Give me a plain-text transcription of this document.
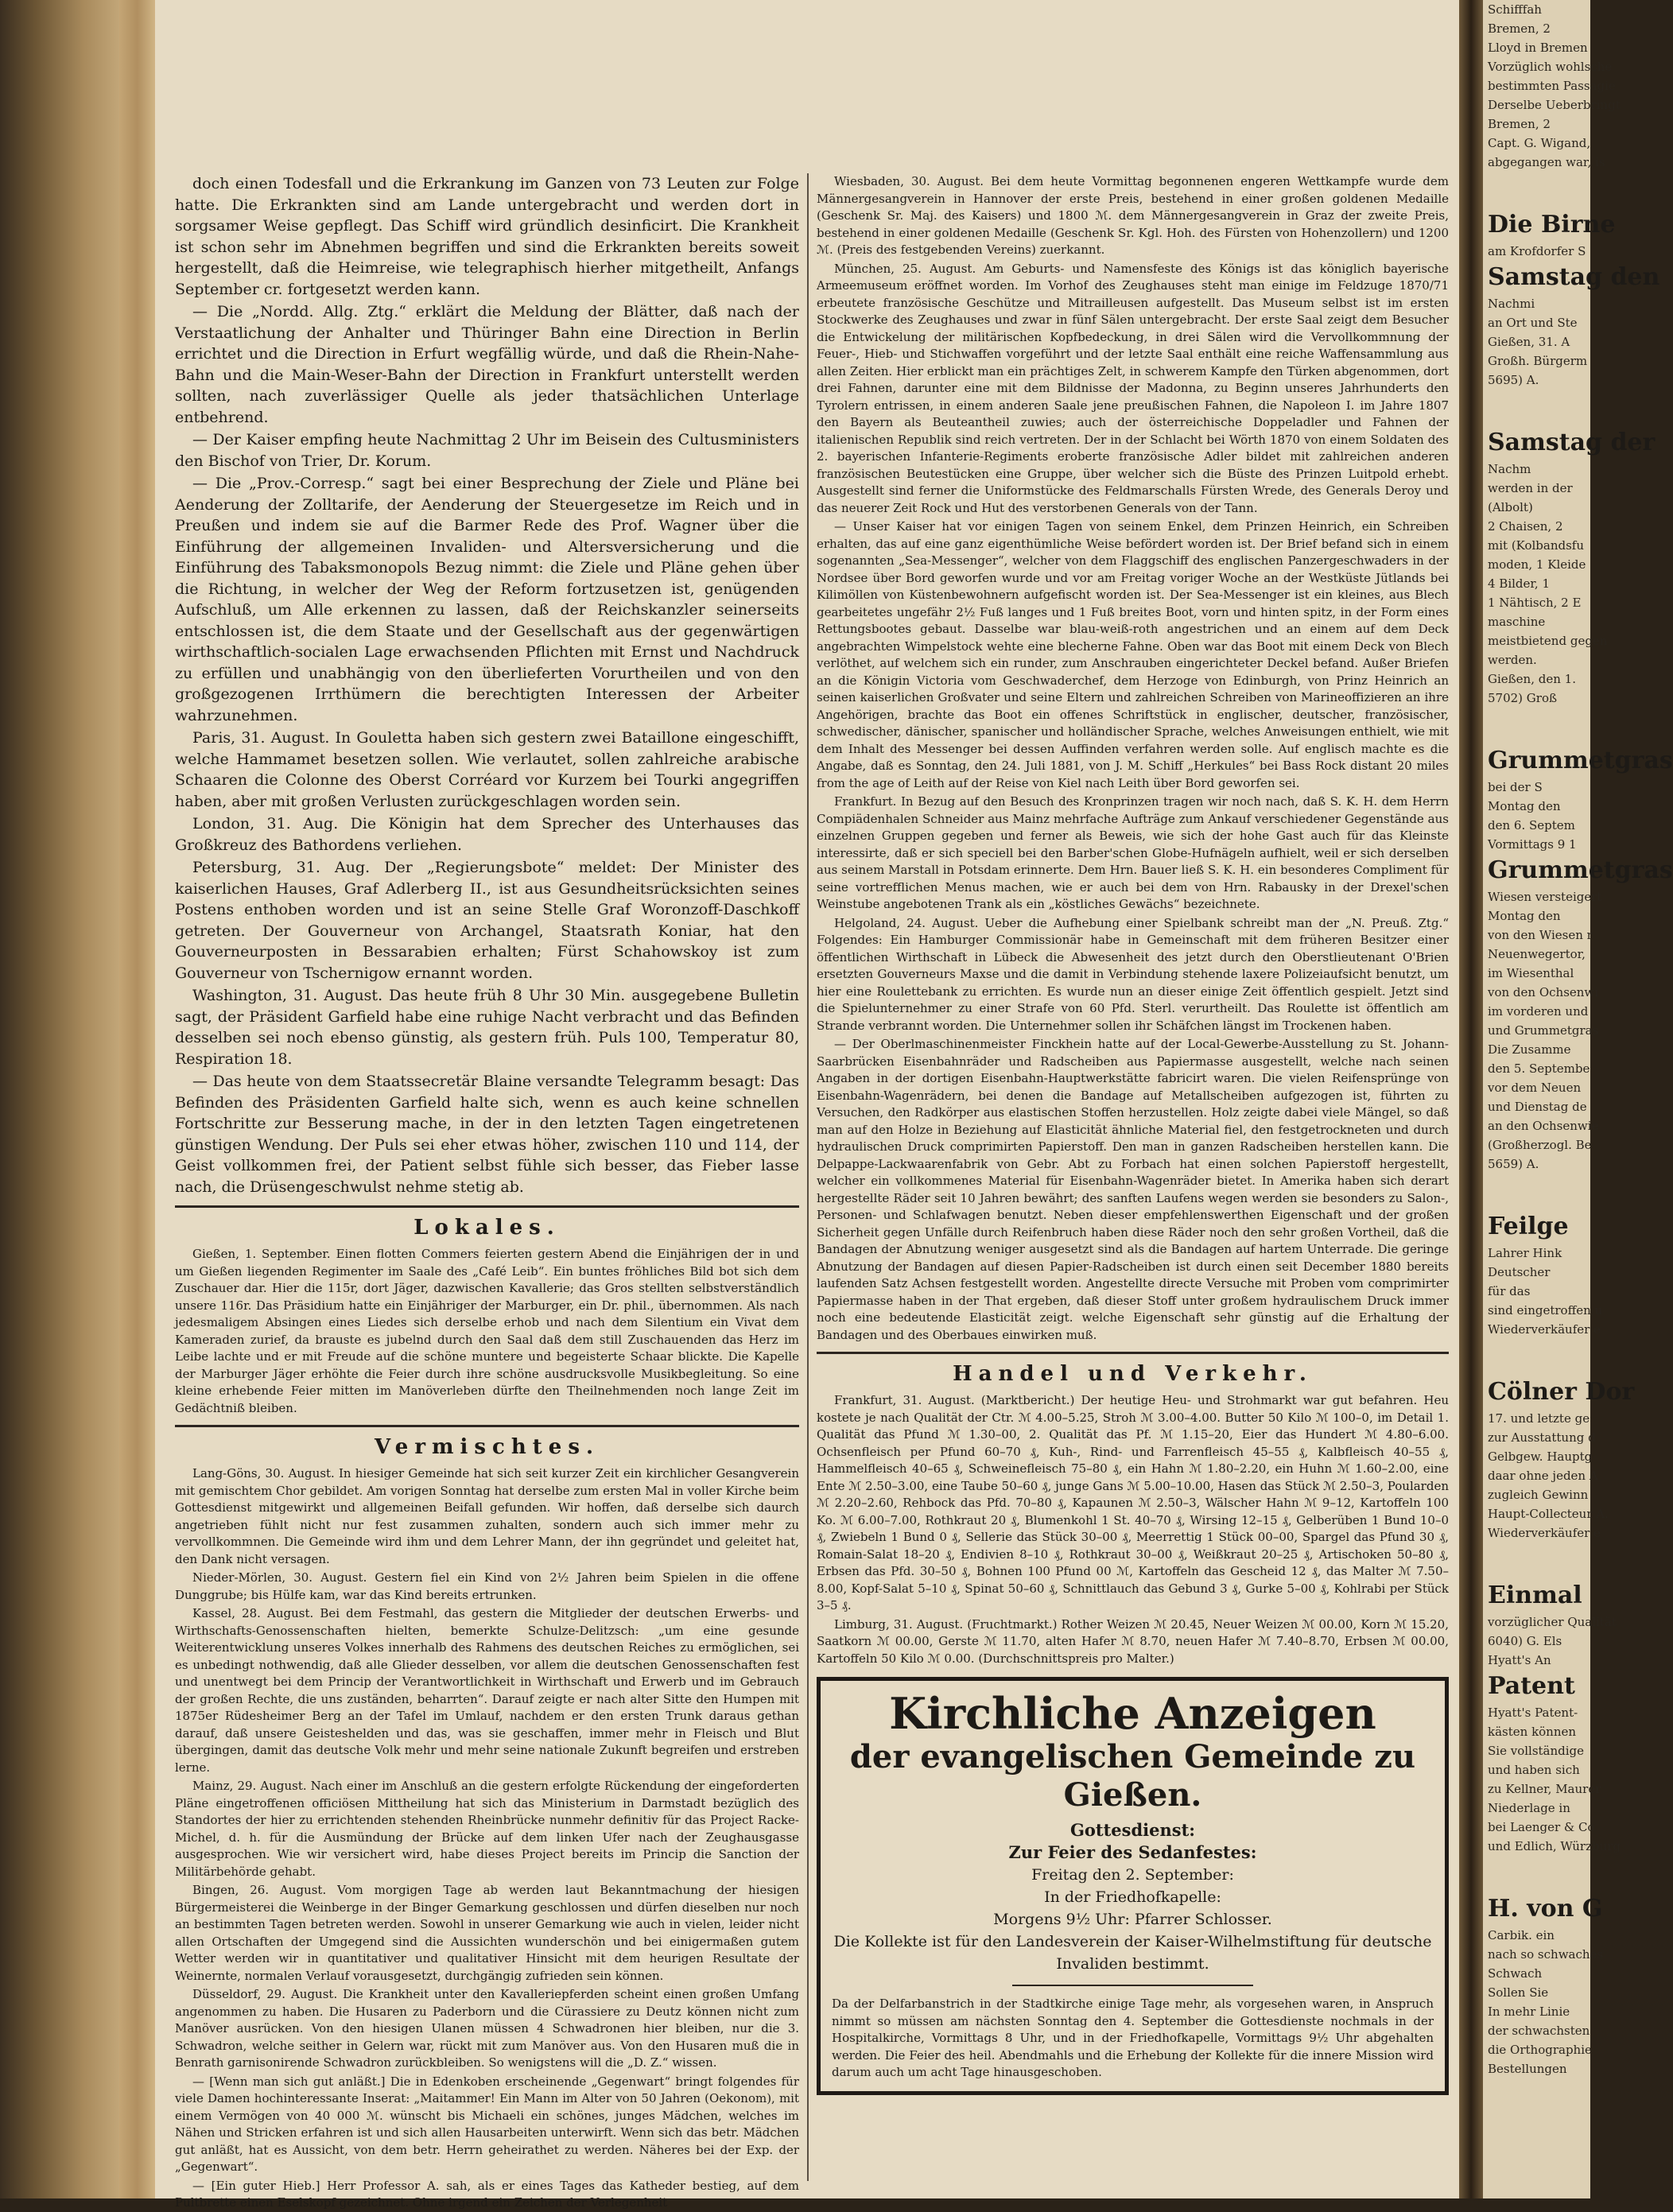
doch einen Todesfall und die Erkrankung im Ganzen von 73 Leuten zur Folge hatte. Die Erkrankten sind am Lande untergebracht und werden dort in sorgsamer Weise gepflegt. Das Schiff wird gründlich desinficirt. Die Krankheit ist schon sehr im Abnehmen begriffen und sind die Erkrankten bereits soweit hergestellt, daß die Heimreise, wie telegraphisch hierher mitgetheilt, Anfangs September cr. fortgesetzt werden kann.

— Die „Nordd. Allg. Ztg.“ erklärt die Meldung der Blätter, daß nach der Verstaatlichung der Anhalter und Thüringer Bahn eine Direction in Berlin errichtet und die Direction in Erfurt wegfällig würde, und daß die Rhein-Nahe-Bahn und die Main-Weser-Bahn der Direction in Frankfurt unterstellt werden sollten, nach zuverlässiger Quelle als jeder thatsächlichen Unterlage entbehrend.

— Der Kaiser empfing heute Nachmittag 2 Uhr im Beisein des Cultusministers den Bischof von Trier, Dr. Korum.

— Die „Prov.-Corresp.“ sagt bei einer Besprechung der Ziele und Pläne bei Aenderung der Zolltarife, der Aenderung der Steuergesetze im Reich und in Preußen und indem sie auf die Barmer Rede des Prof. Wagner über die Einführung der allgemeinen Invaliden- und Altersversicherung und die Einführung des Tabaksmonopols Bezug nimmt: die Ziele und Pläne gehen über die Richtung, in welcher der Weg der Reform fortzusetzen ist, genügenden Aufschluß, um Alle erkennen zu lassen, daß der Reichskanzler seinerseits entschlossen ist, die dem Staate und der Gesellschaft aus der gegenwärtigen wirthschaftlich-socialen Lage erwachsenden Pflichten mit Ernst und Nachdruck zu erfüllen und unabhängig von den überlieferten Vorurtheilen und von den großgezogenen Irrthümern die berechtigten Interessen der Arbeiter wahrzunehmen.

Paris, 31. August. In Gouletta haben sich gestern zwei Bataillone eingeschifft, welche Hammamet besetzen sollen. Wie verlautet, sollen zahlreiche arabische Schaaren die Colonne des Oberst Corréard vor Kurzem bei Tourki angegriffen haben, aber mit großen Verlusten zurückgeschlagen worden sein.

London, 31. Aug. Die Königin hat dem Sprecher des Unterhauses das Großkreuz des Bathordens verliehen.

Petersburg, 31. Aug. Der „Regierungsbote“ meldet: Der Minister des kaiserlichen Hauses, Graf Adlerberg II., ist aus Gesundheitsrücksichten seines Postens enthoben worden und ist an seine Stelle Graf Woronzoff-Daschkoff getreten. Der Gouverneur von Archangel, Staatsrath Koniar, hat den Gouverneurposten in Bessarabien erhalten; Fürst Schahowskoy ist zum Gouverneur von Tschernigow ernannt worden.

Washington, 31. August. Das heute früh 8 Uhr 30 Min. ausgegebene Bulletin sagt, der Präsident Garfield habe eine ruhige Nacht verbracht und das Befinden desselben sei noch ebenso günstig, als gestern früh. Puls 100, Temperatur 80, Respiration 18.

— Das heute von dem Staatssecretär Blaine versandte Telegramm besagt: Das Befinden des Präsidenten Garfield halte sich, wenn es auch keine schnellen Fortschritte zur Besserung mache, in der in den letzten Tagen eingetretenen günstigen Wendung. Der Puls sei eher etwas höher, zwischen 110 und 114, der Geist vollkommen frei, der Patient selbst fühle sich besser, das Fieber lasse nach, die Drüsengeschwulst nehme stetig ab.

Lokales.

Gießen, 1. September. Einen flotten Commers feierten gestern Abend die Einjährigen der in und um Gießen liegenden Regimenter im Saale des „Café Leib“. Ein buntes fröhliches Bild bot sich dem Zuschauer dar. Hier die 115r, dort Jäger, dazwischen Kavallerie; das Gros stellten selbstverständlich unsere 116r. Das Präsidium hatte ein Einjähriger der Marburger, ein Dr. phil., übernommen. Als nach jedesmaligem Absingen eines Liedes sich derselbe erhob und nach dem Silentium ein Vivat dem Kameraden zurief, da brauste es jubelnd durch den Saal daß dem still Zuschauenden das Herz im Leibe lachte und er mit Freude auf die schöne muntere und begeisterte Schaar blickte. Die Kapelle der Marburger Jäger erhöhte die Feier durch ihre schöne ausdrucksvolle Musikbegleitung. So eine kleine erhebende Feier mitten im Manöverleben dürfte den Theilnehmenden noch lange Zeit im Gedächtniß bleiben.

Vermischtes.

Lang-Göns, 30. August. In hiesiger Gemeinde hat sich seit kurzer Zeit ein kirchlicher Gesangverein mit gemischtem Chor gebildet. Am vorigen Sonntag hat derselbe zum ersten Mal in voller Kirche beim Gottesdienst mitgewirkt und allgemeinen Beifall gefunden. Wir hoffen, daß derselbe sich daurch angetrieben fühlt nicht nur fest zusammen zuhalten, sondern auch sich immer mehr zu vervollkommnen. Die Gemeinde wird ihm und dem Lehrer Mann, der ihn gegründet und geleitet hat, den Dank nicht versagen.

Nieder-Mörlen, 30. August. Gestern fiel ein Kind von 2½ Jahren beim Spielen in die offene Dunggrube; bis Hülfe kam, war das Kind bereits ertrunken.

Kassel, 28. August. Bei dem Festmahl, das gestern die Mitglieder der deutschen Erwerbs- und Wirthschafts-Genossenschaften hielten, bemerkte Schulze-Delitzsch: „um eine gesunde Weiterentwicklung unseres Volkes innerhalb des Rahmens des deutschen Reiches zu ermöglichen, sei es unbedingt nothwendig, daß alle Glieder desselben, vor allem die deutschen Genossenschaften fest und unentwegt bei dem Princip der Verantwortlichkeit in Wirthschaft und Erwerb und im Gebrauch der großen Rechte, die uns zuständen, beharrten“. Darauf zeigte er nach alter Sitte den Humpen mit 1875er Rüdesheimer Berg an der Tafel im Umlauf, nachdem er den ersten Trunk daraus gethan darauf, daß unsere Geisteshelden und das, was sie geschaffen, immer mehr in Fleisch und Blut übergingen, damit das deutsche Volk mehr und mehr seine nationale Zukunft begreifen und erstreben lerne.

Mainz, 29. August. Nach einer im Anschluß an die gestern erfolgte Rückendung der eingeforderten Pläne eingetroffenen officiösen Mittheilung hat sich das Ministerium in Darmstadt bezüglich des Standortes der hier zu errichtenden stehenden Rheinbrücke nunmehr definitiv für das Project Racke-Michel, d. h. für die Ausmündung der Brücke auf dem linken Ufer nach der Zeughausgasse ausgesprochen. Wie wir versichert wird, habe dieses Project bereits im Princip die Sanction der Militärbehörde gehabt.

Bingen, 26. August. Vom morgigen Tage ab werden laut Bekanntmachung der hiesigen Bürgermeisterei die Weinberge in der Binger Gemarkung geschlossen und dürfen dieselben nur noch an bestimmten Tagen betreten werden. Sowohl in unserer Gemarkung wie auch in vielen, leider nicht allen Ortschaften der Umgegend sind die Aussichten wunderschön und bei einigermaßen gutem Wetter werden wir in quantitativer und qualitativer Hinsicht mit dem heurigen Resultate der Weinernte, normalen Verlauf vorausgesetzt, durchgängig zufrieden sein können.

Düsseldorf, 29. August. Die Krankheit unter den Kavalleriepferden scheint einen großen Umfang angenommen zu haben. Die Husaren zu Paderborn und die Cürassiere zu Deutz können nicht zum Manöver ausrücken. Von den hiesigen Ulanen müssen 4 Schwadronen hier bleiben, nur die 3. Schwadron, welche seither in Gelern war, rückt mit zum Manöver aus. Von den Husaren muß die in Benrath garnisonirende Schwadron zurückbleiben. So wenigstens will die „D. Z.“ wissen.

— [Wenn man sich gut anläßt.] Die in Edenkoben erscheinende „Gegenwart“ bringt folgendes für viele Damen hochinteressante Inserat: „Maitammer! Ein Mann im Alter von 50 Jahren (Oekonom), mit einem Vermögen von 40 000 ℳ. wünscht bis Michaeli ein schönes, junges Mädchen, welches im Nähen und Stricken erfahren ist und sich allen Hausarbeiten unterwirft. Wenn sich das betr. Mädchen gut anläßt, hat es Aussicht, von dem betr. Herrn geheirathet zu werden. Näheres bei der Exp. der „Gegenwart“.

— [Ein guter Hieb.] Herr Professor A. sah, als er eines Tages das Katheder bestieg, auf dem Pultbrette einen Eselskopf gezeichnet. Ohne irgend ein Zeichen der Verlegenheit

Wiesbaden, 30. August. Bei dem heute Vormittag begonnenen engeren Wettkampfe wurde dem Männergesangverein in Hannover der erste Preis, bestehend in einer großen goldenen Medaille (Geschenk Sr. Maj. des Kaisers) und 1800 ℳ. dem Männergesangverein in Graz der zweite Preis, bestehend in einer goldenen Medaille (Geschenk Sr. Kgl. Hoh. des Fürsten von Hohenzollern) und 1200 ℳ. (Preis des festgebenden Vereins) zuerkannt.

München, 25. August. Am Geburts- und Namensfeste des Königs ist das königlich bayerische Armeemuseum eröffnet worden. Im Vorhof des Zeughauses steht man einige im Feldzuge 1870/71 erbeutete französische Geschütze und Mitrailleusen aufgestellt. Das Museum selbst ist im ersten Stockwerke des Zeughauses und zwar in fünf Sälen untergebracht. Der erste Saal zeigt dem Besucher die Entwickelung der militärischen Kopfbedeckung, in drei Sälen wird die Vervollkommnung der Feuer-, Hieb- und Stichwaffen vorgeführt und der letzte Saal enthält eine reiche Waffensammlung aus allen Zeiten. Hier erblickt man ein prächtiges Zelt, in schwerem Kampfe den Türken abgenommen, dort drei Fahnen, darunter eine mit dem Bildnisse der Madonna, zu Beginn unseres Jahrhunderts den Tyrolern entrissen, in einem anderen Saale jene preußischen Fahnen, die Napoleon I. im Jahre 1807 den Bayern als Beuteantheil zuwies; auch der österreichische Doppeladler und Fahnen der italienischen Republik sind reich vertreten. Der in der Schlacht bei Wörth 1870 von einem Soldaten des 2. bayerischen Infanterie-Regiments eroberte französische Adler bildet mit zahlreichen anderen französischen Beutestücken eine Gruppe, über welcher sich die Büste des Prinzen Luitpold erhebt. Ausgestellt sind ferner die Uniformstücke des Feldmarschalls Fürsten Wrede, des Generals Deroy und das neuerer Zeit Rock und Hut des verstorbenen Generals von der Tann.

— Unser Kaiser hat vor einigen Tagen von seinem Enkel, dem Prinzen Heinrich, ein Schreiben erhalten, das auf eine ganz eigenthümliche Weise befördert worden ist. Der Brief befand sich in einem sogenannten „Sea-Messenger“, welcher von dem Flaggschiff des englischen Panzergeschwaders in der Nordsee über Bord geworfen wurde und vor am Freitag voriger Woche an der Westküste Jütlands bei Kilimöllen von Küstenbewohnern aufgefischt worden ist. Der Sea-Messenger ist ein kleines, aus Blech gearbeitetes ungefähr 2½ Fuß langes und 1 Fuß breites Boot, vorn und hinten spitz, in der Form eines Rettungsbootes gebaut. Dasselbe war blau-weiß-roth angestrichen und an einem auf dem Deck angebrachten Wimpelstock wehte eine blecherne Fahne. Oben war das Boot mit einem Deck von Blech verlöthet, auf welchem sich ein runder, zum Anschrauben eingerichteter Deckel befand. Außer Briefen an die Königin Victoria vom Geschwaderchef, dem Herzoge von Edinburgh, von Prinz Heinrich an seinen kaiserlichen Großvater und seine Eltern und zahlreichen Schreiben von Marineoffizieren an ihre Angehörigen, brachte das Boot ein offenes Schriftstück in englischer, deutscher, französischer, schwedischer, dänischer, spanischer und holländischer Sprache, welches Anweisungen enthielt, wie mit dem Inhalt des Messenger bei dessen Auffinden verfahren werden solle. Auf englisch machte es die Angabe, daß es Sonntag, den 24. Juli 1881, von J. M. Schiff „Herkules“ bei Bass Rock distant 20 miles from the age of Leith auf der Reise von Kiel nach Leith über Bord geworfen sei.

Frankfurt. In Bezug auf den Besuch des Kronprinzen tragen wir noch nach, daß S. K. H. dem Herrn Compiädenhalen Schneider aus Mainz mehrfache Aufträge zum Ankauf verschiedener Gegenstände aus einzelnen Gruppen gegeben und ferner als Beweis, wie sich der hohe Gast auch für das Kleinste interessirte, daß er sich speciell bei den Barber'schen Globe-Hufnägeln aufhielt, weil er sich derselben aus seinem Marstall in Potsdam erinnerte. Dem Hrn. Bauer ließ S. K. H. ein besonderes Compliment für seine vortrefflichen Menus machen, wie er auch bei dem von Hrn. Rabausky in der Drexel'schen Weinstube angebotenen Trank als ein „köstliches Gewächs“ bezeichnete.

Helgoland, 24. August. Ueber die Aufhebung einer Spielbank schreibt man der „N. Preuß. Ztg.“ Folgendes: Ein Hamburger Commissionär habe in Gemeinschaft mit dem früheren Besitzer einer öffentlichen Wirthschaft in Lübeck die Abwesenheit des jetzt durch den Oberstlieutenant O'Brien ersetzten Gouverneurs Maxse und die damit in Verbindung stehende laxere Polizeiaufsicht benutzt, um hier eine Roulettebank zu errichten. Es wurde nun an dieser einige Zeit öffentlich gespielt. Jetzt sind die Spielunternehmer zu einer Strafe von 60 Pfd. Sterl. verurtheilt. Das Roulette ist öffentlich am Strande verbrannt worden. Die Unternehmer sollen ihr Schäfchen längst im Trockenen haben.

— Der Oberlmaschinenmeister Finckhein hatte auf der Local-Gewerbe-Ausstellung zu St. Johann-Saarbrücken Eisenbahnräder und Radscheiben aus Papiermasse ausgestellt, welche nach seinen Angaben in der dortigen Eisenbahn-Hauptwerkstätte fabricirt waren. Die vielen Reifensprünge von Eisenbahn-Wagenrädern, bei denen die Bandage auf Metallscheiben aufgezogen ist, führten zu Versuchen, den Radkörper aus elastischen Stoffen herzustellen. Holz zeigte dabei viele Mängel, so daß man auf den Holze in Beziehung auf Elasticität ähnliche Material fiel, den festgetrockneten und durch hydraulischen Druck comprimirten Papierstoff. Den man in ganzen Radscheiben herstellen kann. Die Delpappe-Lackwaarenfabrik von Gebr. Abt zu Forbach hat einen solchen Papierstoff hergestellt, welcher ein vollkommenes Material für Eisenbahn-Wagenräder bietet. In Amerika haben sich derart hergestellte Räder seit 10 Jahren bewährt; des sanften Laufens wegen werden sie besonders zu Salon-, Personen- und Schlafwagen benutzt. Neben dieser empfehlenswerthen Eigenschaft und der großen Sicherheit gegen Unfälle durch Reifenbruch haben diese Räder noch den sehr großen Vortheil, daß die Bandagen der Abnutzung weniger ausgesetzt sind als die Bandagen auf hartem Unterrade. Die geringe Abnutzung der Bandagen auf diesen Papier-Radscheiben ist durch einen seit December 1880 bereits laufenden Satz Achsen festgestellt worden. Angestellte directe Versuche mit Proben vom comprimirter Papiermasse haben in der That ergeben, daß dieser Stoff unter großem hydraulischem Druck immer noch eine bedeutende Elasticität zeigt. welche Eigenschaft sehr günstig auf die Erhaltung der Bandagen und des Oberbaues einwirken muß.

Handel und Verkehr.

Frankfurt, 31. August. (Marktbericht.) Der heutige Heu- und Strohmarkt war gut befahren. Heu kostete je nach Qualität der Ctr. ℳ 4.00–5.25, Stroh ℳ 3.00–4.00. Butter 50 Kilo ℳ 100–0, im Detail 1. Qualität das Pfund ℳ 1.30–00, 2. Qualität das Pf. ℳ 1.15–20, Eier das Hundert ℳ 4.80–6.00. Ochsenfleisch per Pfund 60–70 ₰, Kuh-, Rind- und Farrenfleisch 45–55 ₰, Kalbfleisch 40–55 ₰, Hammelfleisch 40–65 ₰, Schweinefleisch 75–80 ₰, ein Hahn ℳ 1.80–2.20, ein Huhn ℳ 1.60–2.00, eine Ente ℳ 2.50–3.00, eine Taube 50–60 ₰, junge Gans ℳ 5.00–10.00, Hasen das Stück ℳ 2.50–3, Poularden ℳ 2.20–2.60, Rehbock das Pfd. 70–80 ₰, Kapaunen ℳ 2.50–3, Wälscher Hahn ℳ 9–12, Kartoffeln 100 Ko. ℳ 6.00–7.00, Rothkraut 20 ₰, Blumenkohl 1 St. 40–70 ₰, Wirsing 12–15 ₰, Gelberüben 1 Bund 10–0 ₰, Zwiebeln 1 Bund 0 ₰, Sellerie das Stück 30–00 ₰, Meerrettig 1 Stück 00–00, Spargel das Pfund 30 ₰, Romain-Salat 18–20 ₰, Endivien 8–10 ₰, Rothkraut 30–00 ₰, Weißkraut 20–25 ₰, Artischoken 50–80 ₰, Erbsen das Pfd. 30–50 ₰, Bohnen 100 Pfund 00 ℳ, Kartoffeln das Gescheid 12 ₰, das Malter ℳ 7.50–8.00, Kopf-Salat 5–10 ₰, Spinat 50–60 ₰, Schnittlauch das Gebund 3 ₰, Gurke 5–00 ₰, Kohlrabi per Stück 3–5 ₰.

Limburg, 31. August. (Fruchtmarkt.) Rother Weizen ℳ 20.45, Neuer Weizen ℳ 00.00, Korn ℳ 15.20, Saatkorn ℳ 00.00, Gerste ℳ 11.70, alten Hafer ℳ 8.70, neuen Hafer ℳ 7.40–8.70, Erbsen ℳ 00.00, Kartoffeln 50 Kilo ℳ 0.00. (Durchschnittspreis pro Malter.)

Kirchliche Anzeigen

der evangelischen Gemeinde zu Gießen.

Gottesdienst:

Zur Feier des Sedanfestes:

Freitag den 2. September:

In der Friedhofkapelle:

Morgens 9½ Uhr: Pfarrer Schlosser.

Die Kollekte ist für den Landesverein der Kaiser-Wilhelmstiftung für deutsche Invaliden bestimmt.

Da der Delfarbanstrich in der Stadtkirche einige Tage mehr, als vorgesehen waren, in Anspruch nimmt so müssen am nächsten Sonntag den 4. September die Gottesdienste nochmals in der Hospitalkirche, Vormittags 8 Uhr, und in der Friedhofkapelle, Vormittags 9½ Uhr abgehalten werden. Die Feier des heil. Abendmahls und die Erhebung der Kollekte für die innere Mission wird darum auch um acht Tage hinausgeschoben.

Schifffah
Bremen, 2
Lloyd in Bremen
Vorzüglich wohlsche
bestimmten Passagie
Derselbe Ueberbringt
Bremen, 2
Capt. G. Wigand,
abgegangen war, is
Die Birne
am Krofdorfer S
Samstag den
Nachmi
an Ort und Ste
Gießen, 31. A
Großh. Bürgerm
5695) A.
Samstag der
Nachm
werden in der
(Albolt)
2 Chaisen, 2
mit (Kolbandsfu
moden, 1 Kleide
4 Bilder, 1
1 Nähtisch, 2 E
maschine
meistbietend gegen
werden.
Gießen, den 1.
5702) Groß
Grummetgras
bei der S
Montag den
den 6. Septem
Vormittags 9 1
Grummetgras
Wiesen versteigert
Montag den
von den Wiesen r
Neuenwegertor,
im Wiesenthal
von den Ochsenwi
im vorderen und
und Grummetgras
Die Zusamme
den 5. Septembe
vor dem Neuen
und Dienstag de
an den Ochsenwie
(Großherzogl. Be
5659) A.
Feilge
Lahrer Hink
Deutscher
für das
sind eingetroffen u
Wiederverkäufer e
Cölner Dor
17. und letzte ge
zur Ausstattung d
Gelbgew. Hauptg
daar ohne jeden A
zugleich Gewinn
Haupt-Collecteur A.
Wiederverkäufer e
Einmal
vorzüglicher Qualität
6040) G. Els
Hyatt's An
Patent
Hyatt's Patent-
kästen können
Sie vollständige
und haben sich
zu Kellner, Maurer
Niederlage in
bei Laenger & Co
und Edlich, Würzburg
H. von G
Carbik. ein
nach so schwaches
Schwach
Sollen Sie
In mehr Linie
der schwachsten
die Orthographie
Bestellungen
